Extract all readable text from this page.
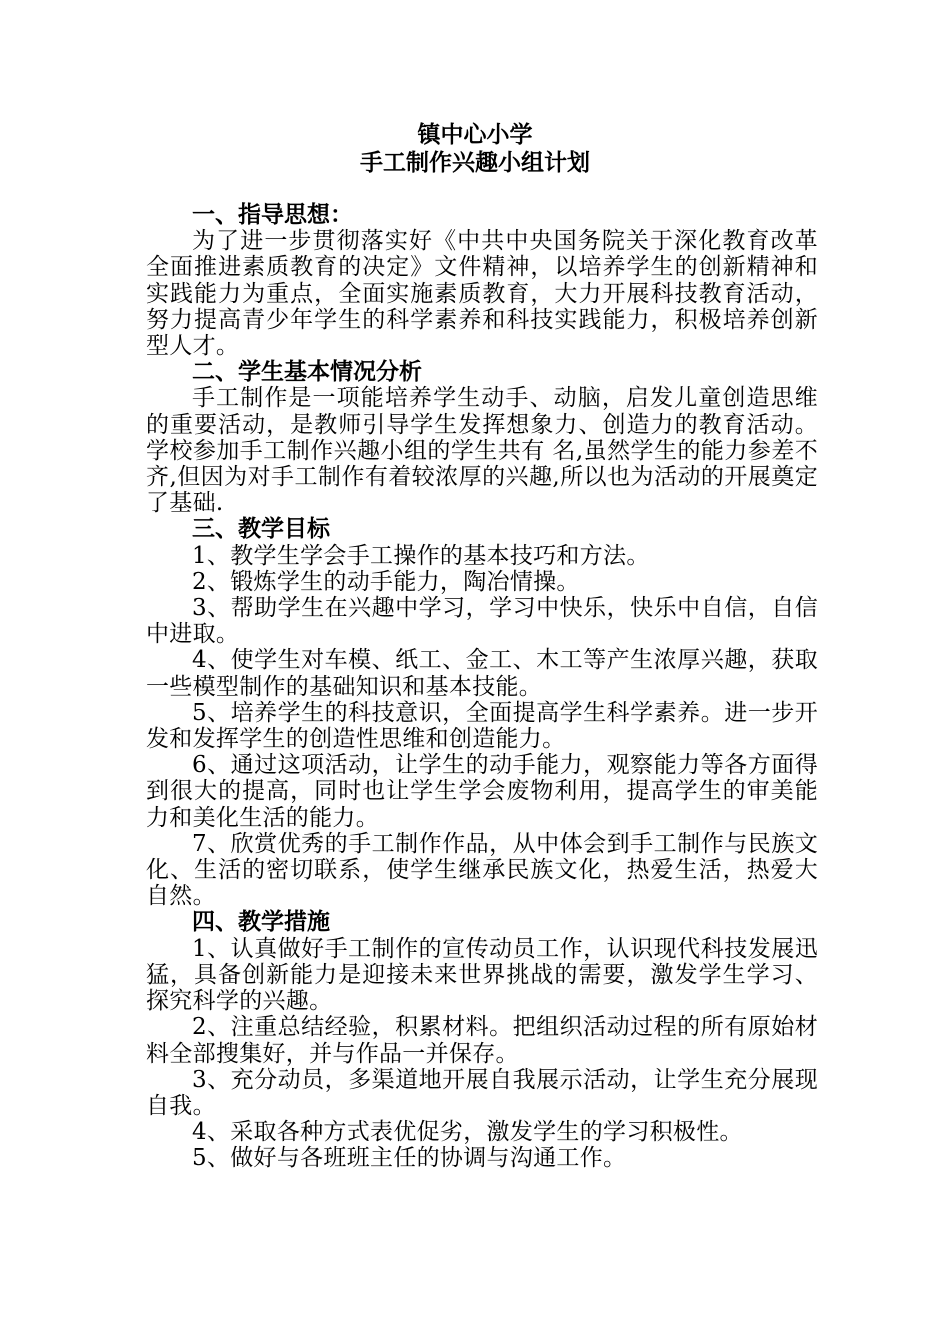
镇中心小学
手工制作兴趣小组计划

一、指导思想：

为了进一步贯彻落实好《中共中央国务院关于深化教育改革全面推进素质教育的决定》文件精神，以培养学生的创新精神和实践能力为重点，全面实施素质教育，大力开展科技教育活动，努力提高青少年学生的科学素养和科技实践能力，积极培养创新型人才。

二、学生基本情况分析

手工制作是一项能培养学生动手、动脑，启发儿童创造思维的重要活动，是教师引导学生发挥想象力、创造力的教育活动。学校参加手工制作兴趣小组的学生共有 名,虽然学生的能力参差不齐,但因为对手工制作有着较浓厚的兴趣,所以也为活动的开展奠定了基础.

三、教学目标

1、教学生学会手工操作的基本技巧和方法。

2、锻炼学生的动手能力，陶冶情操。

3、帮助学生在兴趣中学习，学习中快乐，快乐中自信，自信中进取。

4、使学生对车模、纸工、金工、木工等产生浓厚兴趣，获取一些模型制作的基础知识和基本技能。

5、培养学生的科技意识，全面提高学生科学素养。进一步开发和发挥学生的创造性思维和创造能力。

6、通过这项活动，让学生的动手能力，观察能力等各方面得到很大的提高，同时也让学生学会废物利用，提高学生的审美能力和美化生活的能力。

7、欣赏优秀的手工制作作品，从中体会到手工制作与民族文化、生活的密切联系，使学生继承民族文化，热爱生活，热爱大自然。

四、教学措施

1、认真做好手工制作的宣传动员工作，认识现代科技发展迅猛，具备创新能力是迎接未来世界挑战的需要，激发学生学习、探究科学的兴趣。

2、注重总结经验，积累材料。把组织活动过程的所有原始材料全部搜集好，并与作品一并保存。

3、充分动员，多渠道地开展自我展示活动，让学生充分展现自我。

4、采取各种方式表优促劣，激发学生的学习积极性。

5、做好与各班班主任的协调与沟通工作。
